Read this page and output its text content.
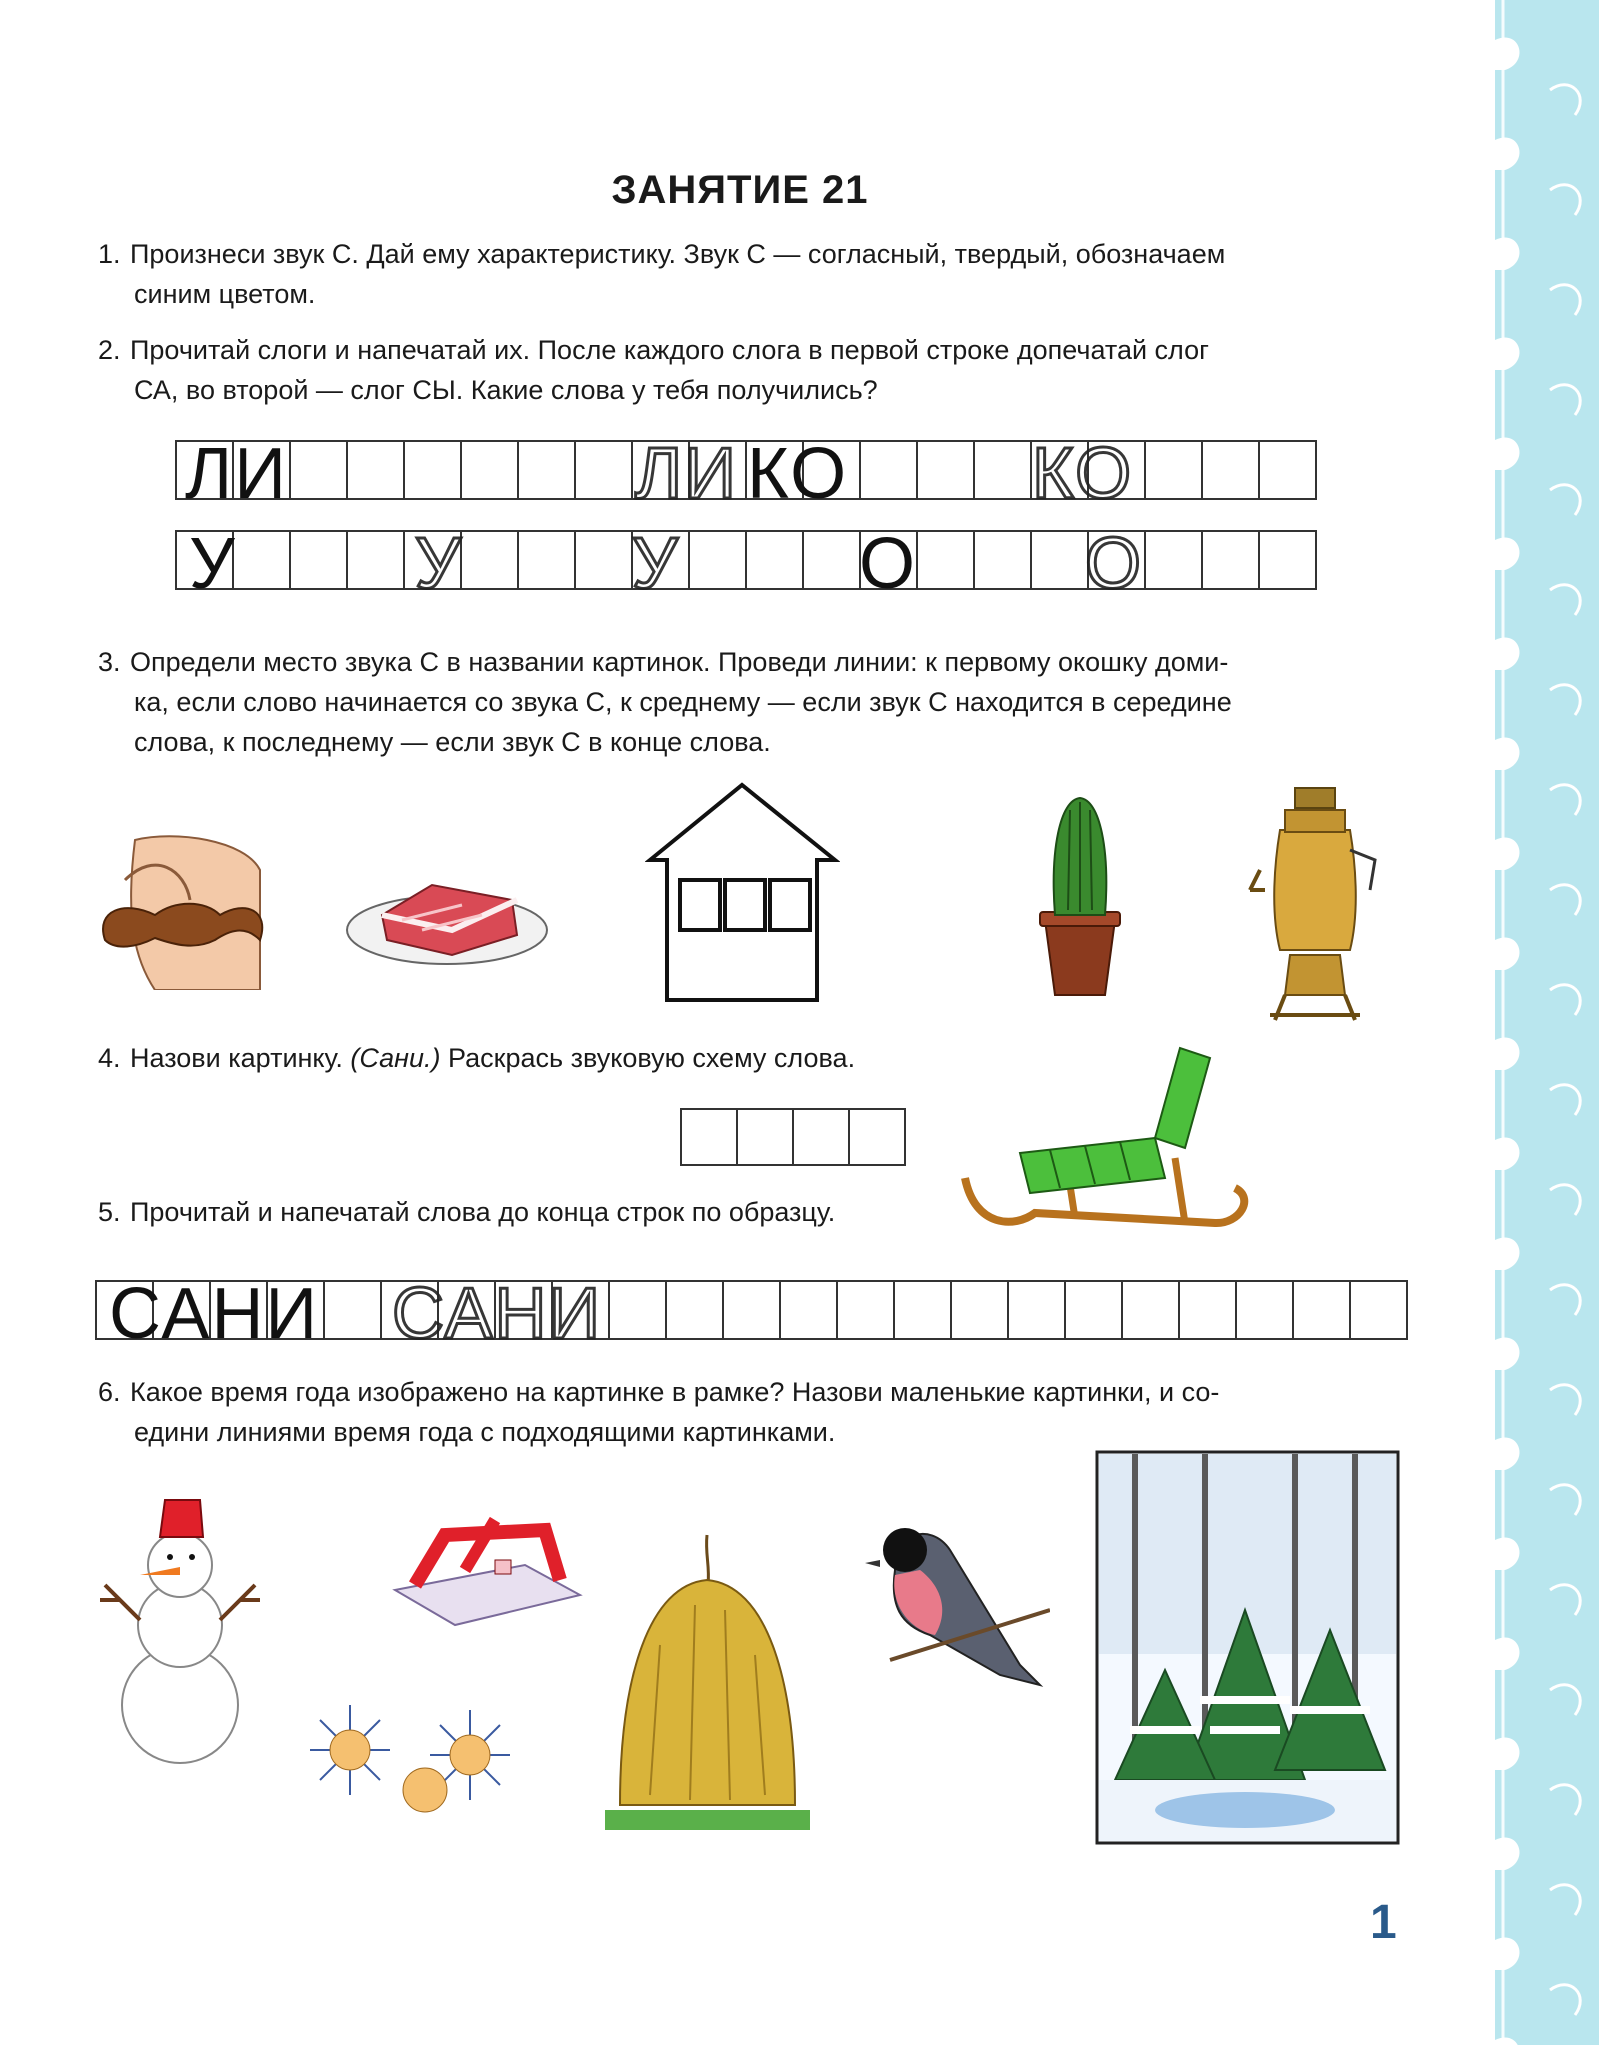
ЗАНЯТИЕ 21
1. Произнеси звук С. Дай ему характеристику. Звук С — согласный, твердый, обозначаем
синим цветом.
2. Прочитай слоги и напечатай их. После каждого слога в первой строке допечатай слог
СА, во второй — слог СЫ. Какие слова у тебя получились?
ЛИ	ЛИ КО	КО
У У У О О
3. Определи место звука С в названии картинок. Проведи линии: к первому окошку доми-
ка, если слово начинается со звука С, к среднему — если звук С находится в середине
слова, к последнему — если звук С в конце слова.
4. Назови картинку. (Сани.) Раскрась звуковую схему слова.
5. Прочитай и напечатай слова до конца строк по образцу.
САНИ САНИ
6. Какое время года изображено на картинке в рамке? Назови маленькие картинки, и со-
едини линиями время года с подходящими картинками.
1
